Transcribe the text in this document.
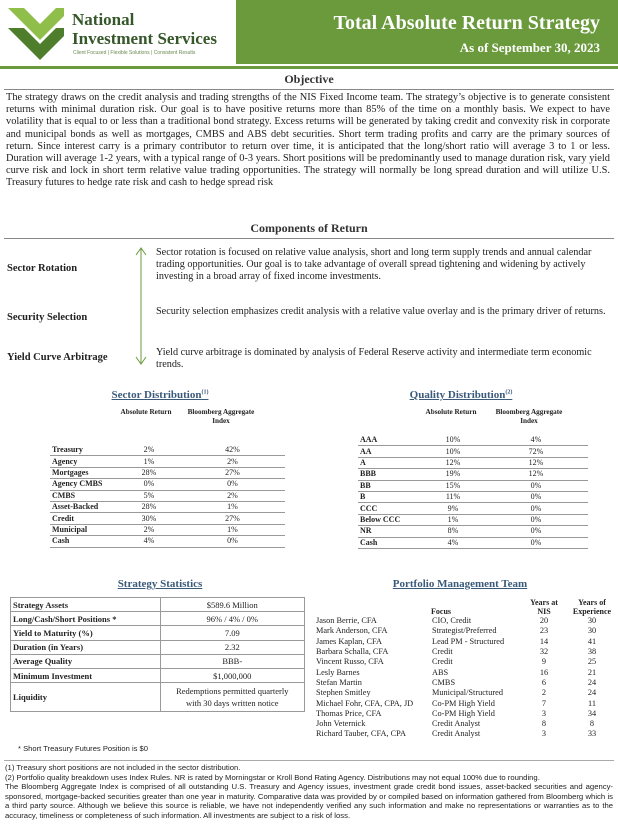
National
Investment Services
Client Focused | Flexible Solutions | Consistent Results
Total Absolute Return Strategy
As of September 30, 2023
Objective
The strategy draws on the credit analysis and trading strengths of the NIS Fixed Income team. The strategy’s objective is to generate consistent returns with minimal duration risk. Our goal is to have positive returns more than 85% of the time on a monthly basis. We expect to have volatility that is equal to or less than a traditional bond strategy. Excess returns will be generated by taking credit and convexity risk in corporate and municipal bonds as well as mortgages, CMBS and ABS debt securities. Short term trading profits and carry are the primary sources of return. Since interest carry is a primary contributor to return over time, it is anticipated that the long/short ratio will average 3 to 1 or less. Duration will average 1-2 years, with a typical range of 0-3 years. Short positions will be predominantly used to manage duration risk, vary yield curve risk and lock in short term relative value trading opportunities. The strategy will normally be long spread duration and will utilize U.S. Treasury futures to hedge rate risk and cash to hedge spread risk
Components of Return
Sector Rotation
Sector rotation is focused on relative value analysis, short and long term supply trends and annual calendar trading opportunities. Our goal is to take advantage of overall spread tightening and widening by actively investing in a broad array of fixed income investments.
Security Selection
Security selection emphasizes credit analysis with a relative value overlay and is the primary driver of returns.
Yield Curve Arbitrage	Yield curve arbitrage is dominated by analysis of Federal Reserve activity and intermediate term economic trends.
Sector Distribution$^{(1)}$
Absolute Return	Bloomberg Aggregate Index
Treasury	2%	42%
Agency	1%	2%
Mortgages	28%	27%
Agency CMBS	0%	0%
CMBS	5%	2%
Asset-Backed	28%	1%
Credit	30%	27%
Municipal	2%	1%
Cash	4%	0%
Quality Distribution$^{(2)}$
Absolute Return	Bloomberg Aggregate Index
AAA	10%	4%
AA	10%	72%
A	12%	12%
BBB	19%	12%
BB	15%	0%
B	11%	0%
CCC	9%	0%
Below CCC	1%	0%
NR	8%	0%
Cash	4%	0%
Strategy Statistics
Strategy Assets	$589.6 Million
Long/Cash/Short Positions *	96% / 4% / 0%
Yield to Maturity (%)	7.09
Duration (in Years)	2.32
Average Quality	BBB-
Minimum Investment	$1,000,000
Liquidity	Redemptions permitted quarterly
with 30 days written notice
* Short Treasury Futures Position is $0
Portfolio Management Team
	Focus	Years at NIS	Years of Experience
Jason Berrie, CFA	CIO, Credit	20	30
Mark Anderson, CFA	Strategist/Preferred	23	30
James Kaplan, CFA	Lead PM - Structured	14	41
Barbara Schalla, CFA	Credit	32	38
Vincent Russo, CFA	Credit	9	25
Lesly Barnes	ABS	16	21
Stefan Martin	CMBS	6	24
Stephen Smitley	Municipal/Structured	2	24
Michael Fohr, CFA, CPA, JD	Co-PM High Yield	7	11
Thomas Price, CFA	Co-PM High Yield	3	34
John Veternick	Credit Analyst	8	8
Richard Tauber, CFA, CPA	Credit Analyst	3	33
(1) Treasury short positions are not included in the sector distribution.
(2) Portfolio quality breakdown uses Index Rules. NR is rated by Morningstar or Kroll Bond Rating Agency. Distributions may not equal 100% due to rounding.
The Bloomberg Aggregate Index is comprised of all outstanding U.S. Treasury and Agency issues, investment grade credit bond issues, asset-backed securities and agency-sponsored, mortgage-backed securities greater than one year in maturity. Comparative data was provided by or compiled based on information gathered from Bloomberg which is a third party source. Although we believe this source is reliable, we have not independently verified any such information and make no representations or warranties as to the accuracy, timeliness or completeness of such information. All investments are subject to a risk of loss.
